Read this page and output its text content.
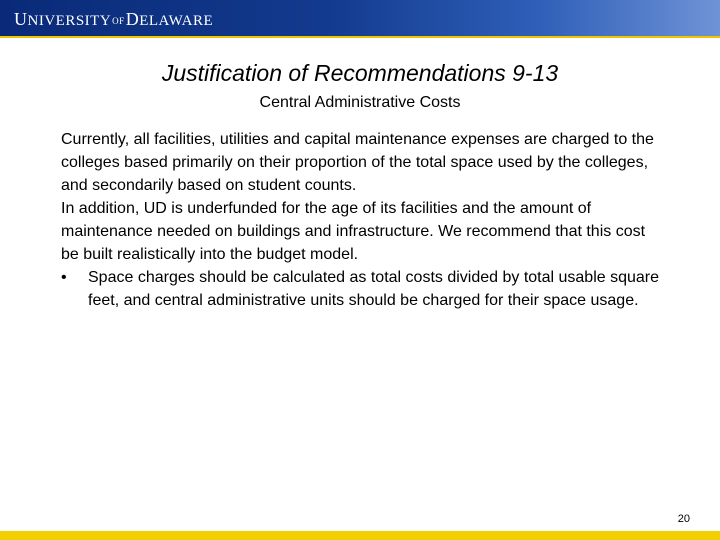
UNIVERSITYOFDELAWARE
Justification of Recommendations 9-13
Central Administrative Costs

Currently, all facilities, utilities and capital maintenance expenses are charged to the colleges based primarily on their proportion of the total space used by the colleges, and secondarily based on student counts.

In addition, UD is underfunded for the age of its facilities and the amount of maintenance needed on buildings and infrastructure. We recommend that this cost be built realistically into the budget model.

•	Space charges should be calculated as total costs divided by total usable square feet, and central administrative units should be charged for their space usage.
20
